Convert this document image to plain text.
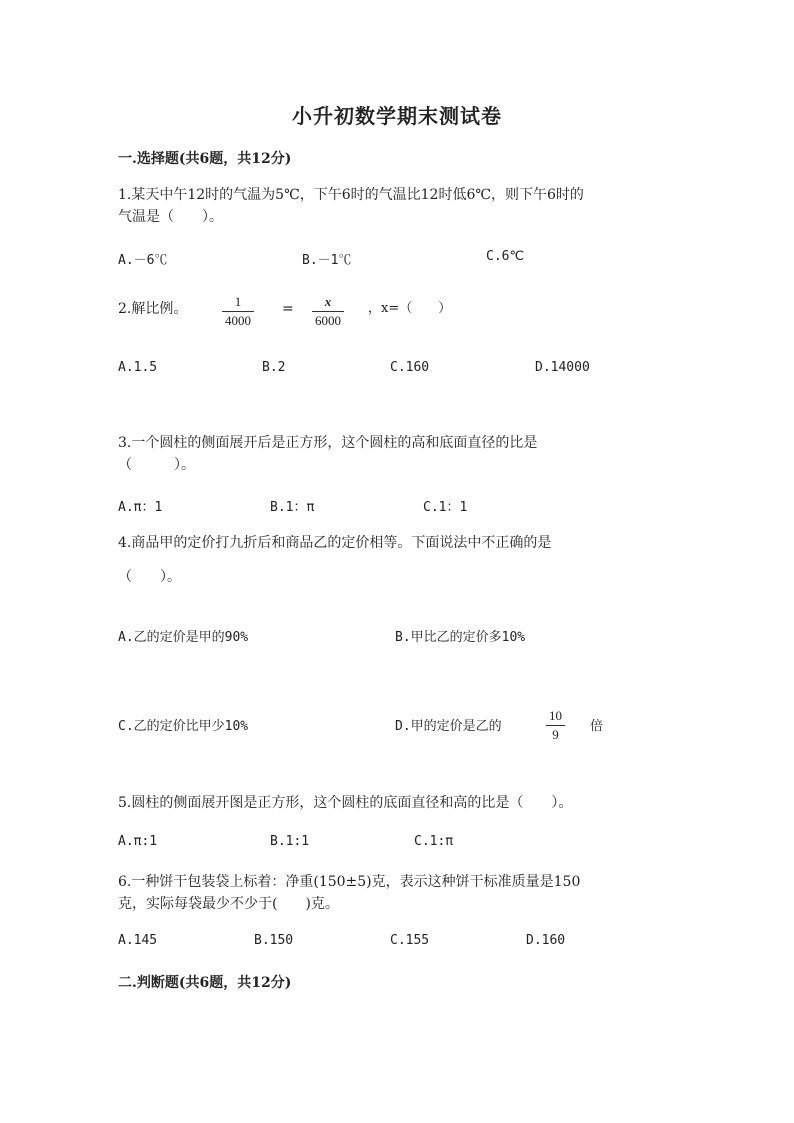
小升初数学期末测试卷
一.选择题(共6题，共12分)
1.某天中午12时的气温为5℃，下午6时的气温比12时低6℃，则下午6时的
气温是（　　）。
A.－6℃	B.－1℃	C.6℃
2.解比例。	1
4000
= x
6000
，x=（　　）
A.1.5	B.2	C.160	D.14000
3.一个圆柱的侧面展开后是正方形，这个圆柱的高和底面直径的比是
（　　　）。
A.π：1	B.1：π	C.1：1
4.商品甲的定价打九折后和商品乙的定价相等。下面说法中不正确的是
（　　）。
A.乙的定价是甲的90%	B.甲比乙的定价多10%
C.乙的定价比甲少10%	D.甲的定价是乙的
10
9
倍
5.圆柱的侧面展开图是正方形，这个圆柱的底面直径和高的比是（　　）。
A.π:1	B.1:1	C.1:π
6.一种饼干包装袋上标着：净重(150±5)克，表示这种饼干标准质量是150
克，实际每袋最少不少于(　　)克。
A.145	B.150	C.155	D.160
二.判断题(共6题，共12分)
